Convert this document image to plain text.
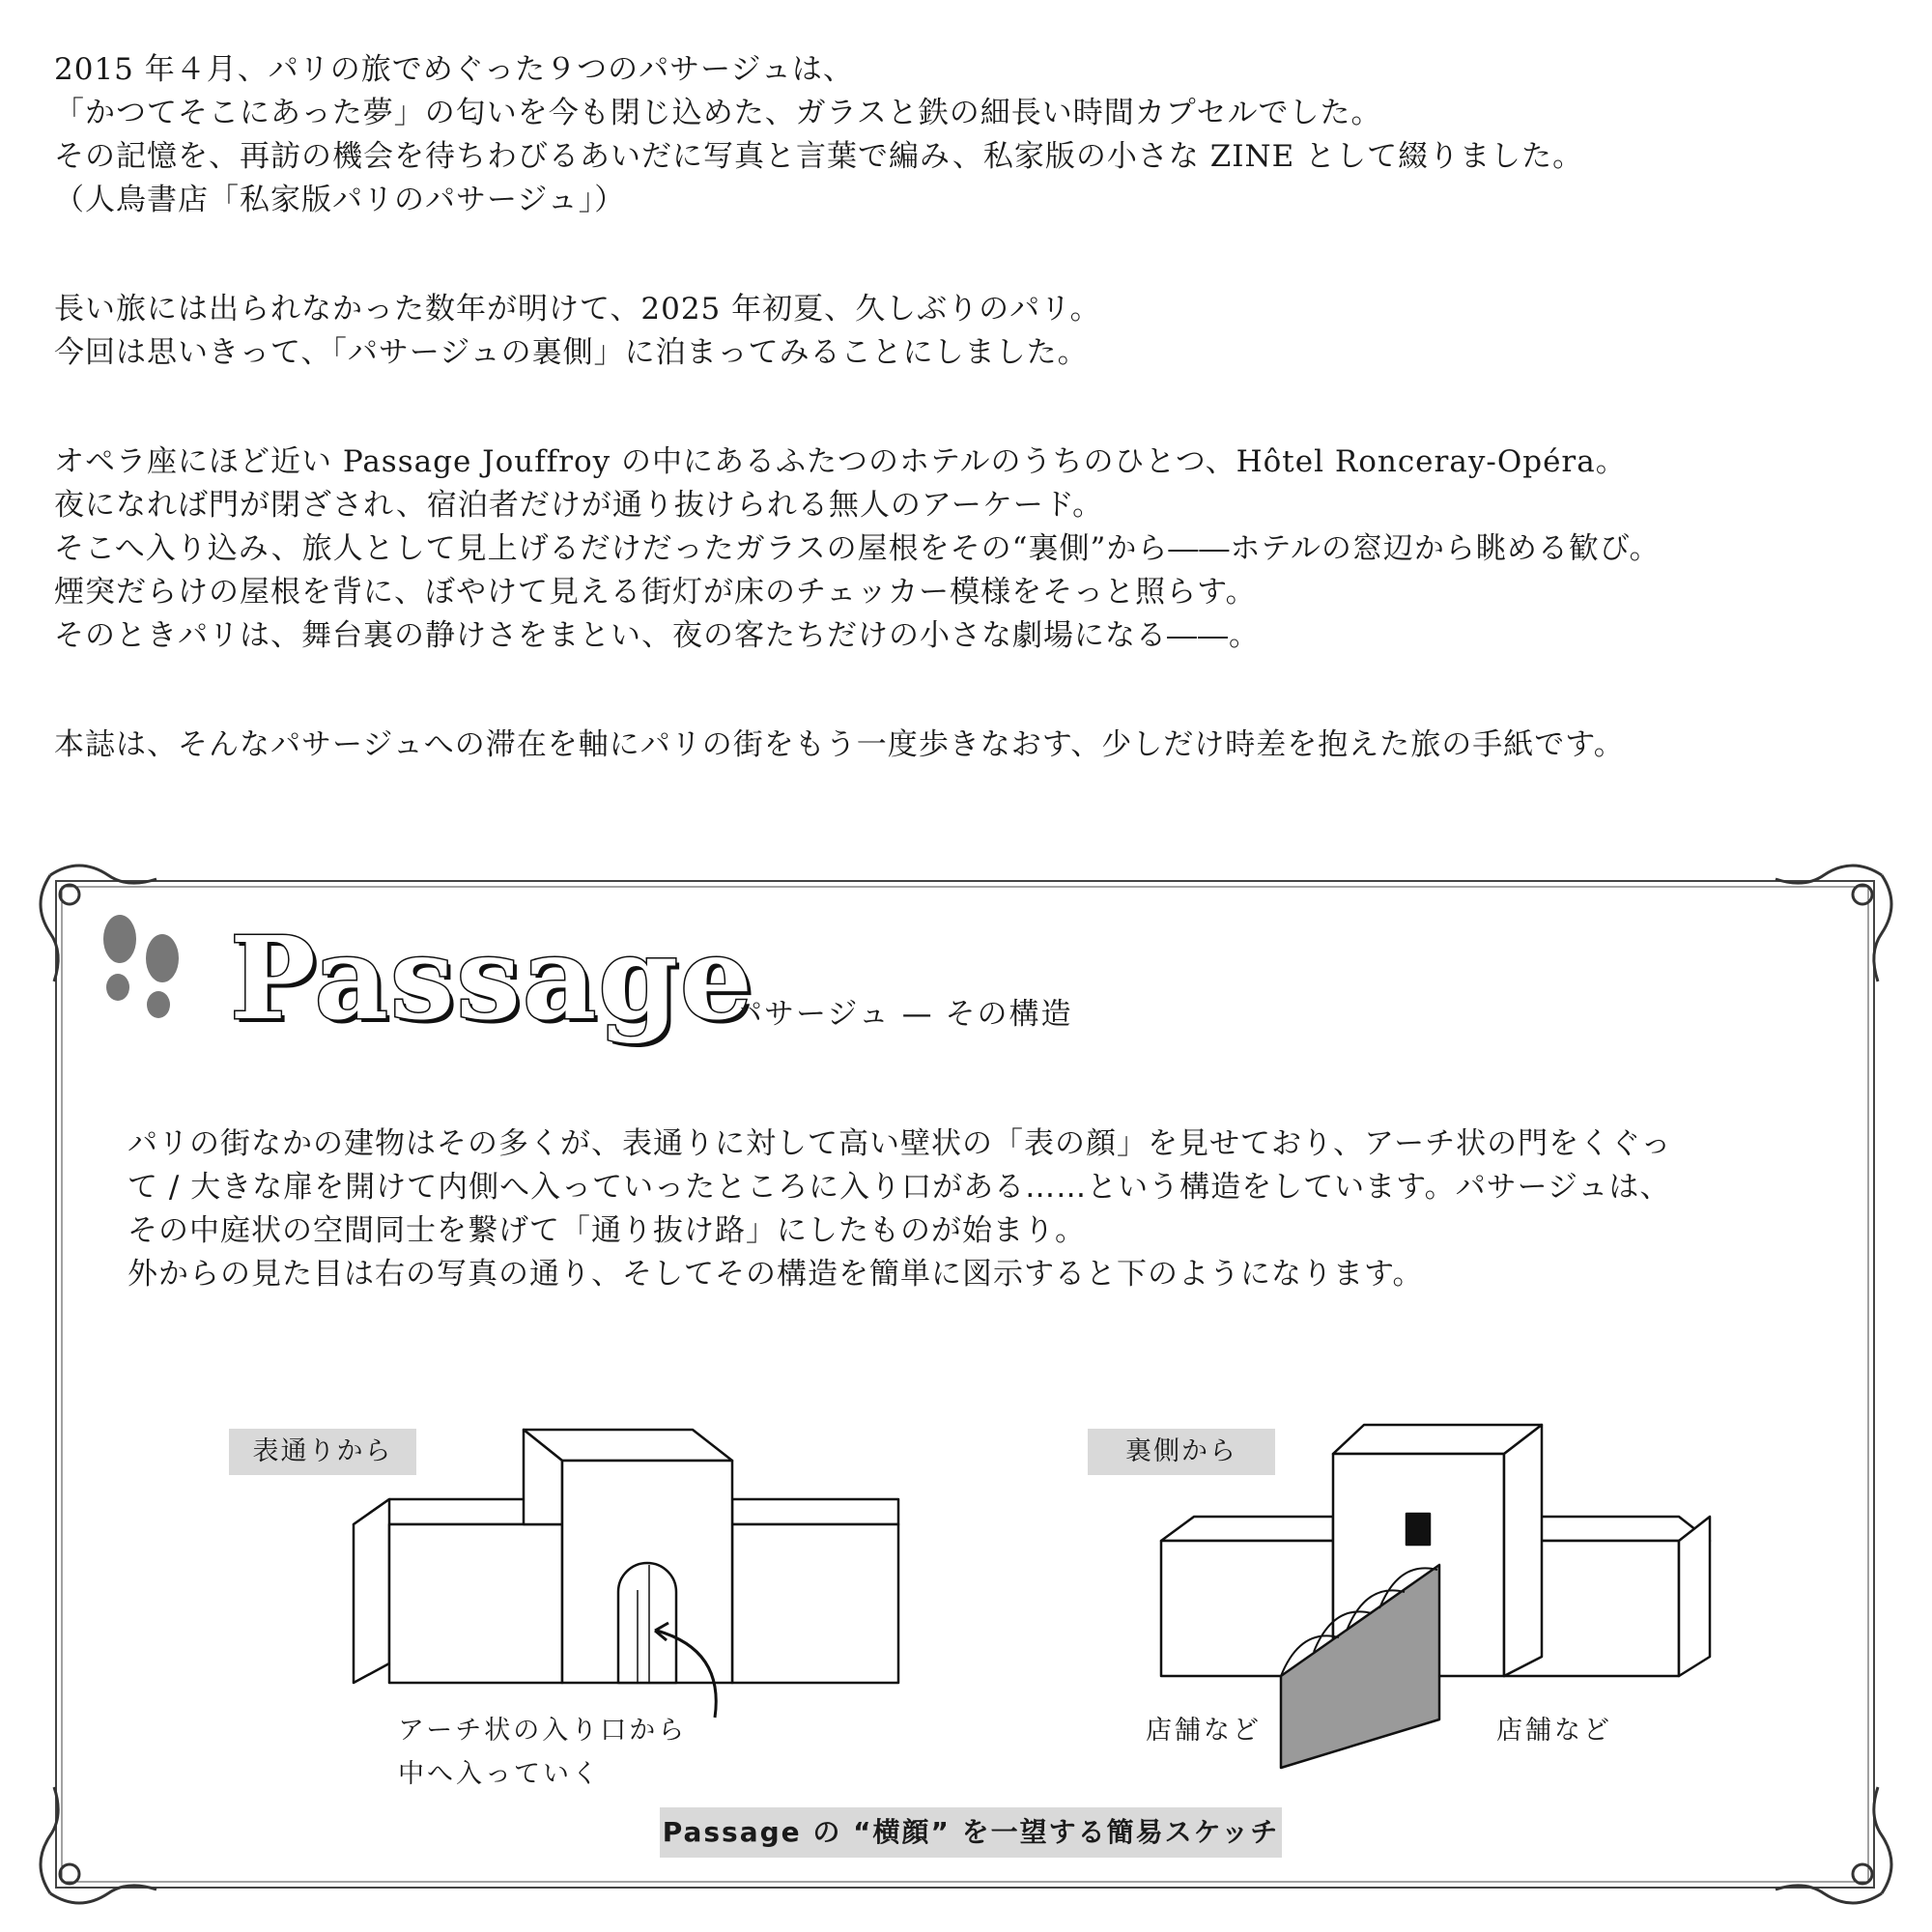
2015 年４月、パリの旅でめぐった９つのパサージュは、
「かつてそこにあった夢」の匂いを今も閉じ込めた、ガラスと鉄の細長い時間カプセルでした。
その記憶を、再訪の機会を待ちわびるあいだに写真と言葉で編み、私家版の小さな ZINE として綴りました。
（人鳥書店「私家版パリのパサージュ」）
長い旅には出られなかった数年が明けて、2025 年初夏、久しぶりのパリ。
今回は思いきって、「パサージュの裏側」に泊まってみることにしました。
オペラ座にほど近い Passage Jouffroy の中にあるふたつのホテルのうちのひとつ、Hôtel Ronceray-Opéra。
夜になれば門が閉ざされ、宿泊者だけが通り抜けられる無人のアーケード。
そこへ入り込み、旅人として見上げるだけだったガラスの屋根をその“裏側”から――ホテルの窓辺から眺める歓び。
煙突だらけの屋根を背に、ぼやけて見える街灯が床のチェッカー模様をそっと照らす。
そのときパリは、舞台裏の静けさをまとい、夜の客たちだけの小さな劇場になる――。
本誌は、そんなパサージュへの滞在を軸にパリの街をもう一度歩きなおす、少しだけ時差を抱えた旅の手紙です。
Passage
パサージュ — その構造
パリの街なかの建物はその多くが、表通りに対して高い壁状の「表の顔」を見せており、アーチ状の門をくぐっ
て / 大きな扉を開けて内側へ入っていったところに入り口がある……という構造をしています。パサージュは、
その中庭状の空間同士を繋げて「通り抜け路」にしたものが始まり。
外からの見た目は右の写真の通り、そしてその構造を簡単に図示すると下のようになります。
表通りから
アーチ状の入り口から
中へ入っていく
裏側から
店舗など	店舗など
Passage の “横顔” を一望する簡易スケッチ
